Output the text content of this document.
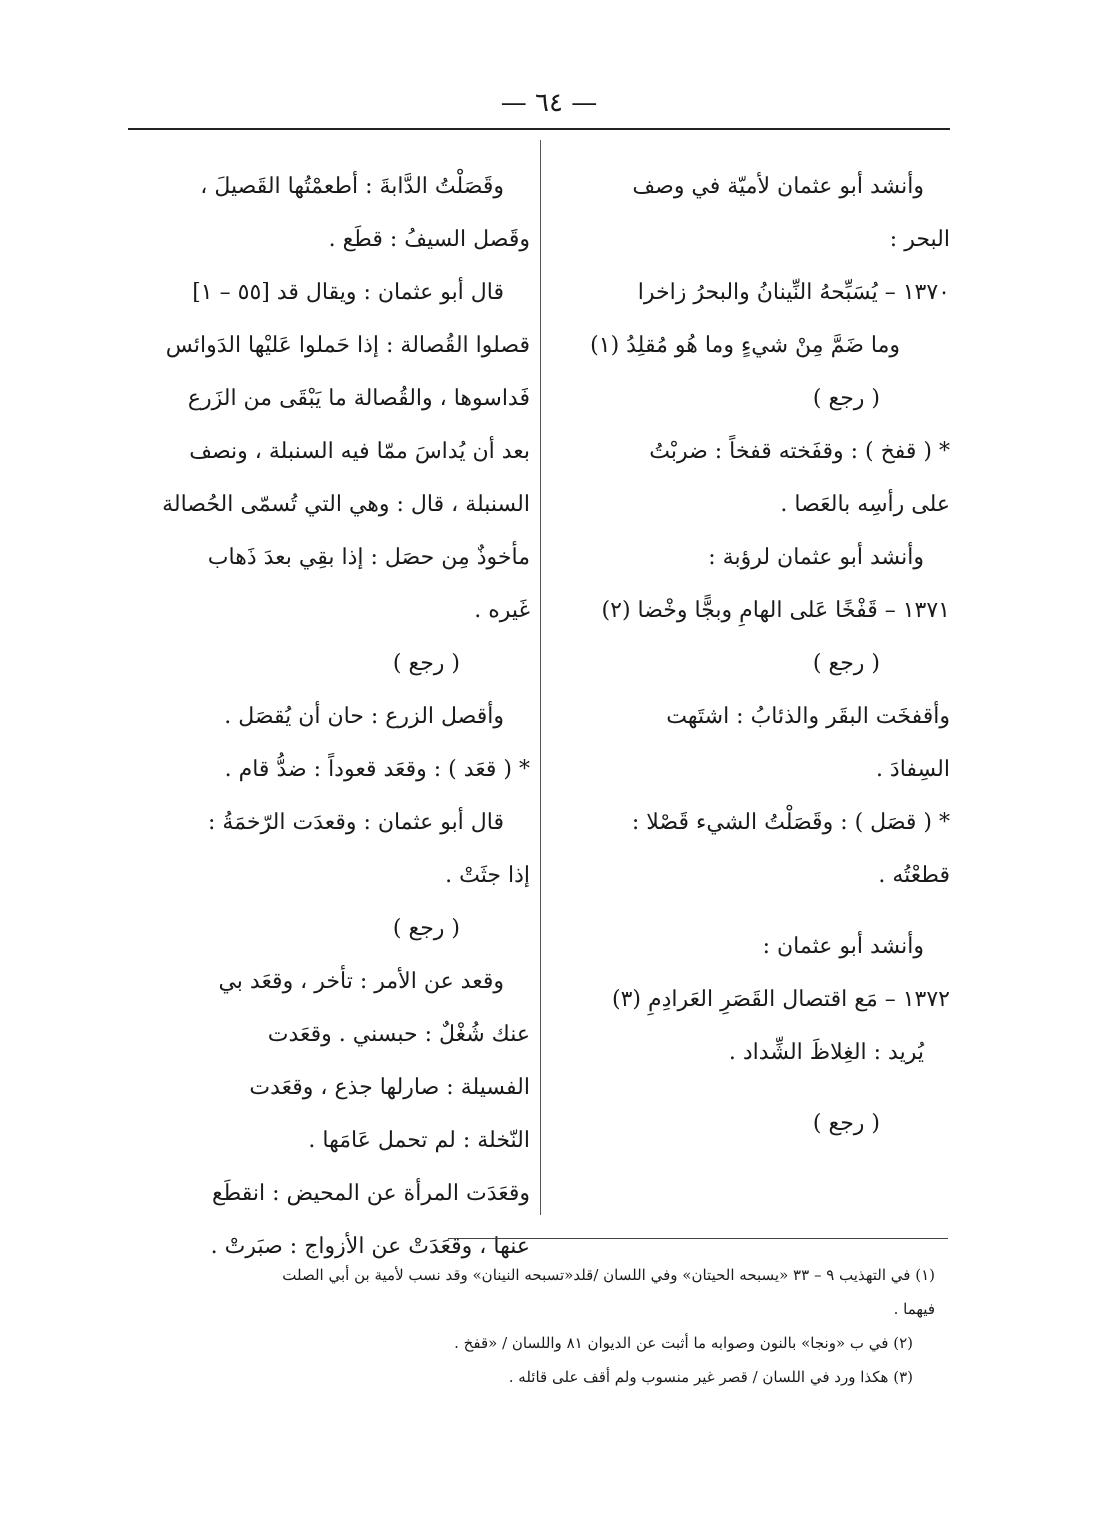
— ٦٤ —
وأنشد أبو عثمان لأميّة في وصف
البحر :
١٣٧٠ – يُسَبِّحهُ النِّينانُ والبحرُ زاخرا
وما ضَمَّ مِنْ شيءٍ وما هُو مُقلِدُ (١)
( رجع )
* ( قفخ ) : وقفَخته قفخاً : ضربْتُ
على رأسِه بالعَصا .
وأنشد أبو عثمان لرؤبة :
١٣٧١ – قَفْخًا عَلى الهامِ وبجًّا وخْضا (٢)
( رجع )
وأقفخَت البقَر والذئابُ : اشتَهت
السِفادَ .
* ( قصَل ) : وقَصَلْتُ الشيء قَصْلا :
قطعْتُه .
وأنشد أبو عثمان :
١٣٧٢ – مَع اقتصال القَصَرِ العَرادِمِ (٣)
يُريد : الغِلاظَ الشِّداد .
( رجع )
وقَصَلْتُ الدَّابةَ : أطعمْتُها القَصيلَ ،
وقَصل السيفُ : قطَع .
قال أبو عثمان : ويقال قد [٥٥ – ١]
قصلوا القُصالة : إذا حَملوا عَليْها الدَوائس
فَداسوها ، والقُصالة ما يَبْقَى من الزَرع
بعد أن يُداسَ ممّا فيه السنبلة ، ونصف
السنبلة ، قال : وهي التي تُسمّى الحُصالة
مأخوذٌ مِن حصَل : إذا بقِي بعدَ ذَهاب
غَيره .
( رجع )
وأقصل الزرع : حان أن يُقصَل .
* ( قعَد ) : وقعَد قعوداً : ضدُّ قام .
قال أبو عثمان : وقعدَت الرّخمَةُ :
إذا جثَتْ .
( رجع )
وقعد عن الأمر : تأخر ، وقعَد بي
عنك شُغْلٌ : حبسني . وقعَدت
الفسيلة : صارلها جذع ، وقعَدت
النّخلة : لم تحمل عَامَها .
وقعَدَت المرأة عن المحيض : انقطَع
عنها ، وقعَدَتْ عن الأزواج : صبَرتْ .
(١) في التهذيب ٩ – ٣٣ «يسبحه الحيتان» وفي اللسان /قلد«تسبحه النينان» وقد نسب لأمية بن أبي الصلت
فيهما .
(٢) في ب «ونجا» بالنون وصوابه ما أثبت عن الديوان ٨١ واللسان / «قفخ .
(٣) هكذا ورد في اللسان / قصر غير منسوب ولم أقف على قائله .
